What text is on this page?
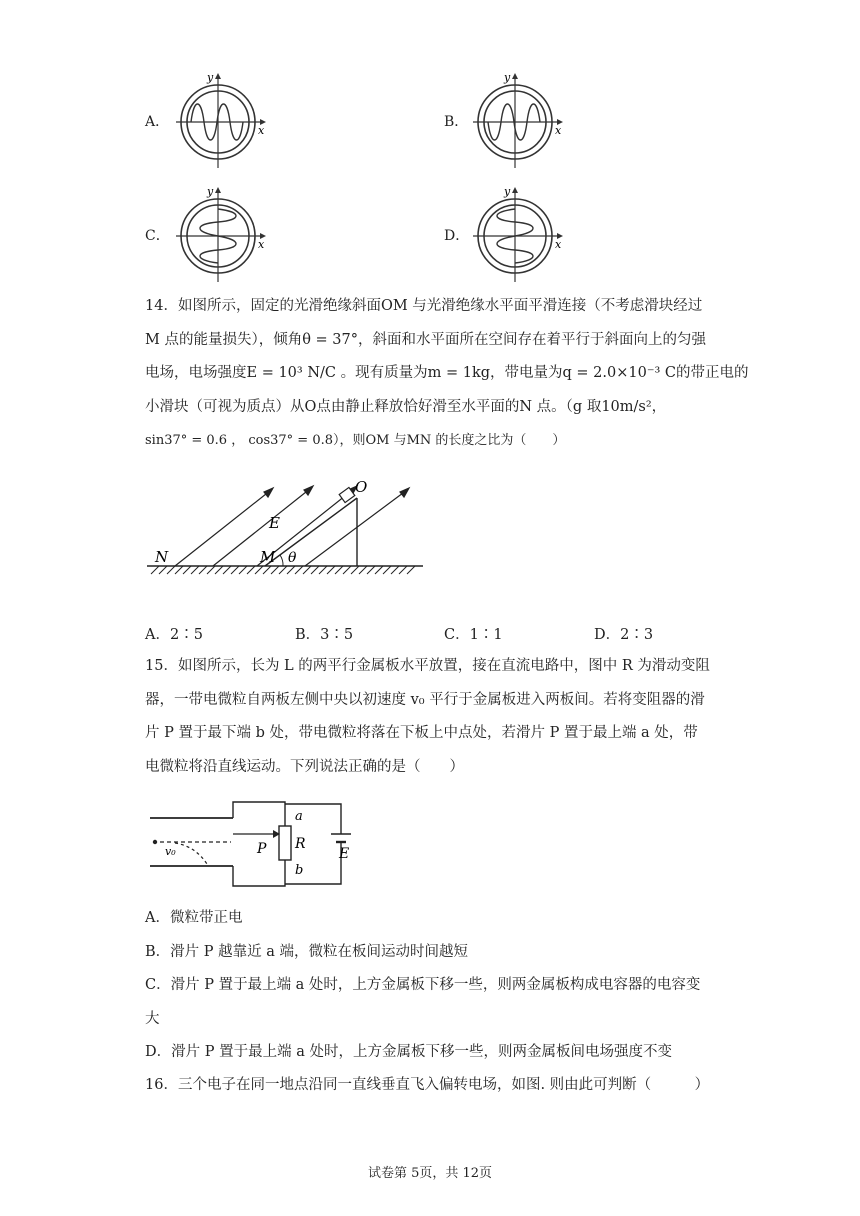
A．
y
x
B．
y
x
C．
y
x
D．
y
x
14．如图所示，固定的光滑绝缘斜面OM 与光滑绝缘水平面平滑连接（不考虑滑块经过
M 点的能量损失），倾角θ = 37°，斜面和水平面所在空间存在着平行于斜面向上的匀强
电场，电场强度E = 10³ N/C 。现有质量为m = 1kg，带电量为q = 2.0×10⁻³ C的带正电的
小滑块（可视为质点）从O点由静止释放恰好滑至水平面的N 点。（g 取10m/s²，
sin37° = 0.6 ， cos37° = 0.8），则OM 与MN 的长度之比为（　　）
N	M
O
E
θ
A．2∶5	B．3∶5	C．1∶1	D．2∶3
15．如图所示，长为 L 的两平行金属板水平放置，接在直流电路中，图中 R 为滑动变阻
器，一带电微粒自两板左侧中央以初速度 v₀ 平行于金属板进入两板间。若将变阻器的滑
片 P 置于最下端 b 处，带电微粒将落在下板上中点处，若滑片 P 置于最上端 a 处，带
电微粒将沿直线运动。下列说法正确的是（　　）
P
a
R
b
E
v₀
A．微粒带正电
B．滑片 P 越靠近 a 端，微粒在板间运动时间越短
C．滑片 P 置于最上端 a 处时，上方金属板下移一些，则两金属板构成电容器的电容变
大
D．滑片 P 置于最上端 a 处时，上方金属板下移一些，则两金属板间电场强度不变
16．三个电子在同一地点沿同一直线垂直飞入偏转电场，如图. 则由此可判断（　　　）
试卷第 5页，共 12页
